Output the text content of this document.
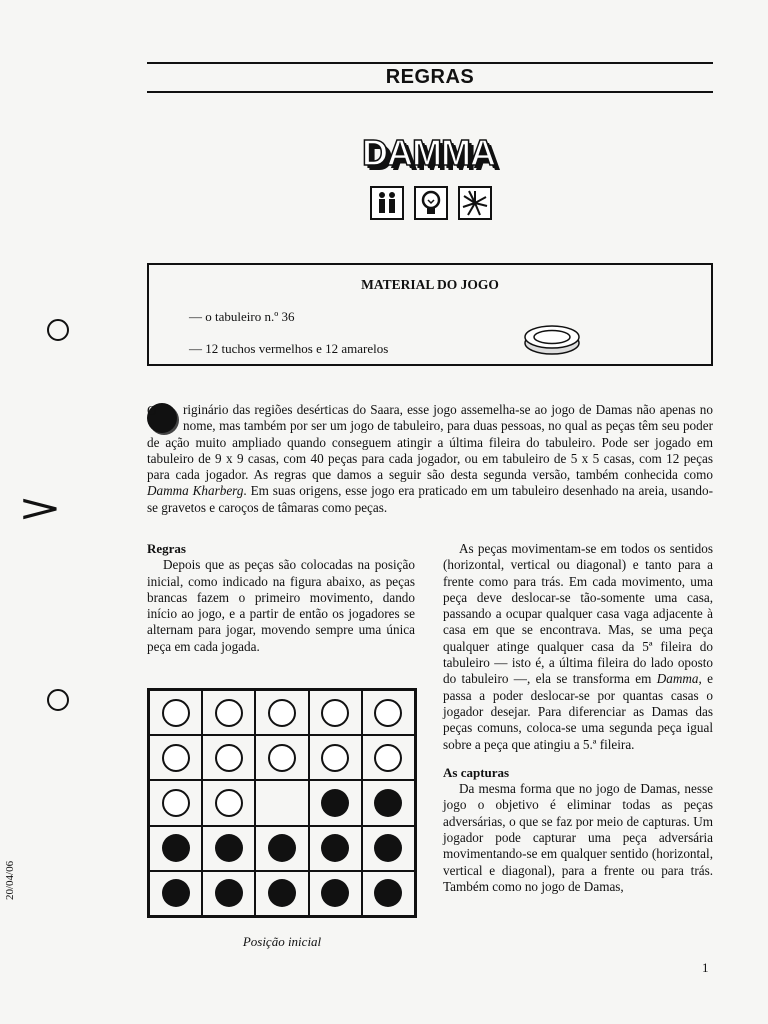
REGRAS
DAMMA
MATERIAL DO JOGO
— o tabuleiro n.º 36
— 12 tuchos vermelhos e 12 amarelos
O	riginário das regiões desérticas do Saara, esse jogo assemelha-se ao jogo de Damas não apenas no nome, mas também por ser um jogo de tabuleiro, para duas pessoas, no qual as peças têm seu poder de ação muito ampliado quando conseguem atingir a última fileira do tabuleiro. Pode ser jogado em tabuleiro de 9 x 9 casas, com 40 peças para cada jogador, ou em tabuleiro de 5 x 5 casas, com 12 peças para cada jogador. As regras que damos a seguir são desta segunda versão, também conhecida como Damma Kharberg. Em suas origens, esse jogo era praticado em um tabuleiro desenhado na areia, usando-se gravetos e caroços de tâmaras como peças.

Regras

Depois que as peças são colocadas na posição inicial, como indicado na figura abaixo, as peças brancas fazem o primeiro movimento, dando início ao jogo, e a partir de então os jogadores se alternam para jogar, movendo sempre uma única peça em cada jogada.

Posição inicial

As peças movimentam-se em todos os sentidos (horizontal, vertical ou diagonal) e tanto para a frente como para trás. Em cada movimento, uma peça deve deslocar-se tão-somente uma casa, passando a ocupar qualquer casa vaga adjacente à casa em que se encontrava. Mas, se uma peça qualquer atinge qualquer casa da 5ª fileira do tabuleiro — isto é, a última fileira do lado oposto do tabuleiro —, ela se transforma em Damma, e passa a poder deslocar-se por quantas casas o jogador desejar. Para diferenciar as Damas das peças comuns, coloca-se uma segunda peça igual sobre a peça que atingiu a 5.ª fileira.

As capturas

Da mesma forma que no jogo de Damas, nesse jogo o objetivo é eliminar todas as peças adversárias, o que se faz por meio de capturas. Um jogador pode capturar uma peça adversária movimentando-se em qualquer sentido (horizontal, vertical e diagonal), para a frente ou para trás. Também como no jogo de Damas,

>
20/04/06
1
